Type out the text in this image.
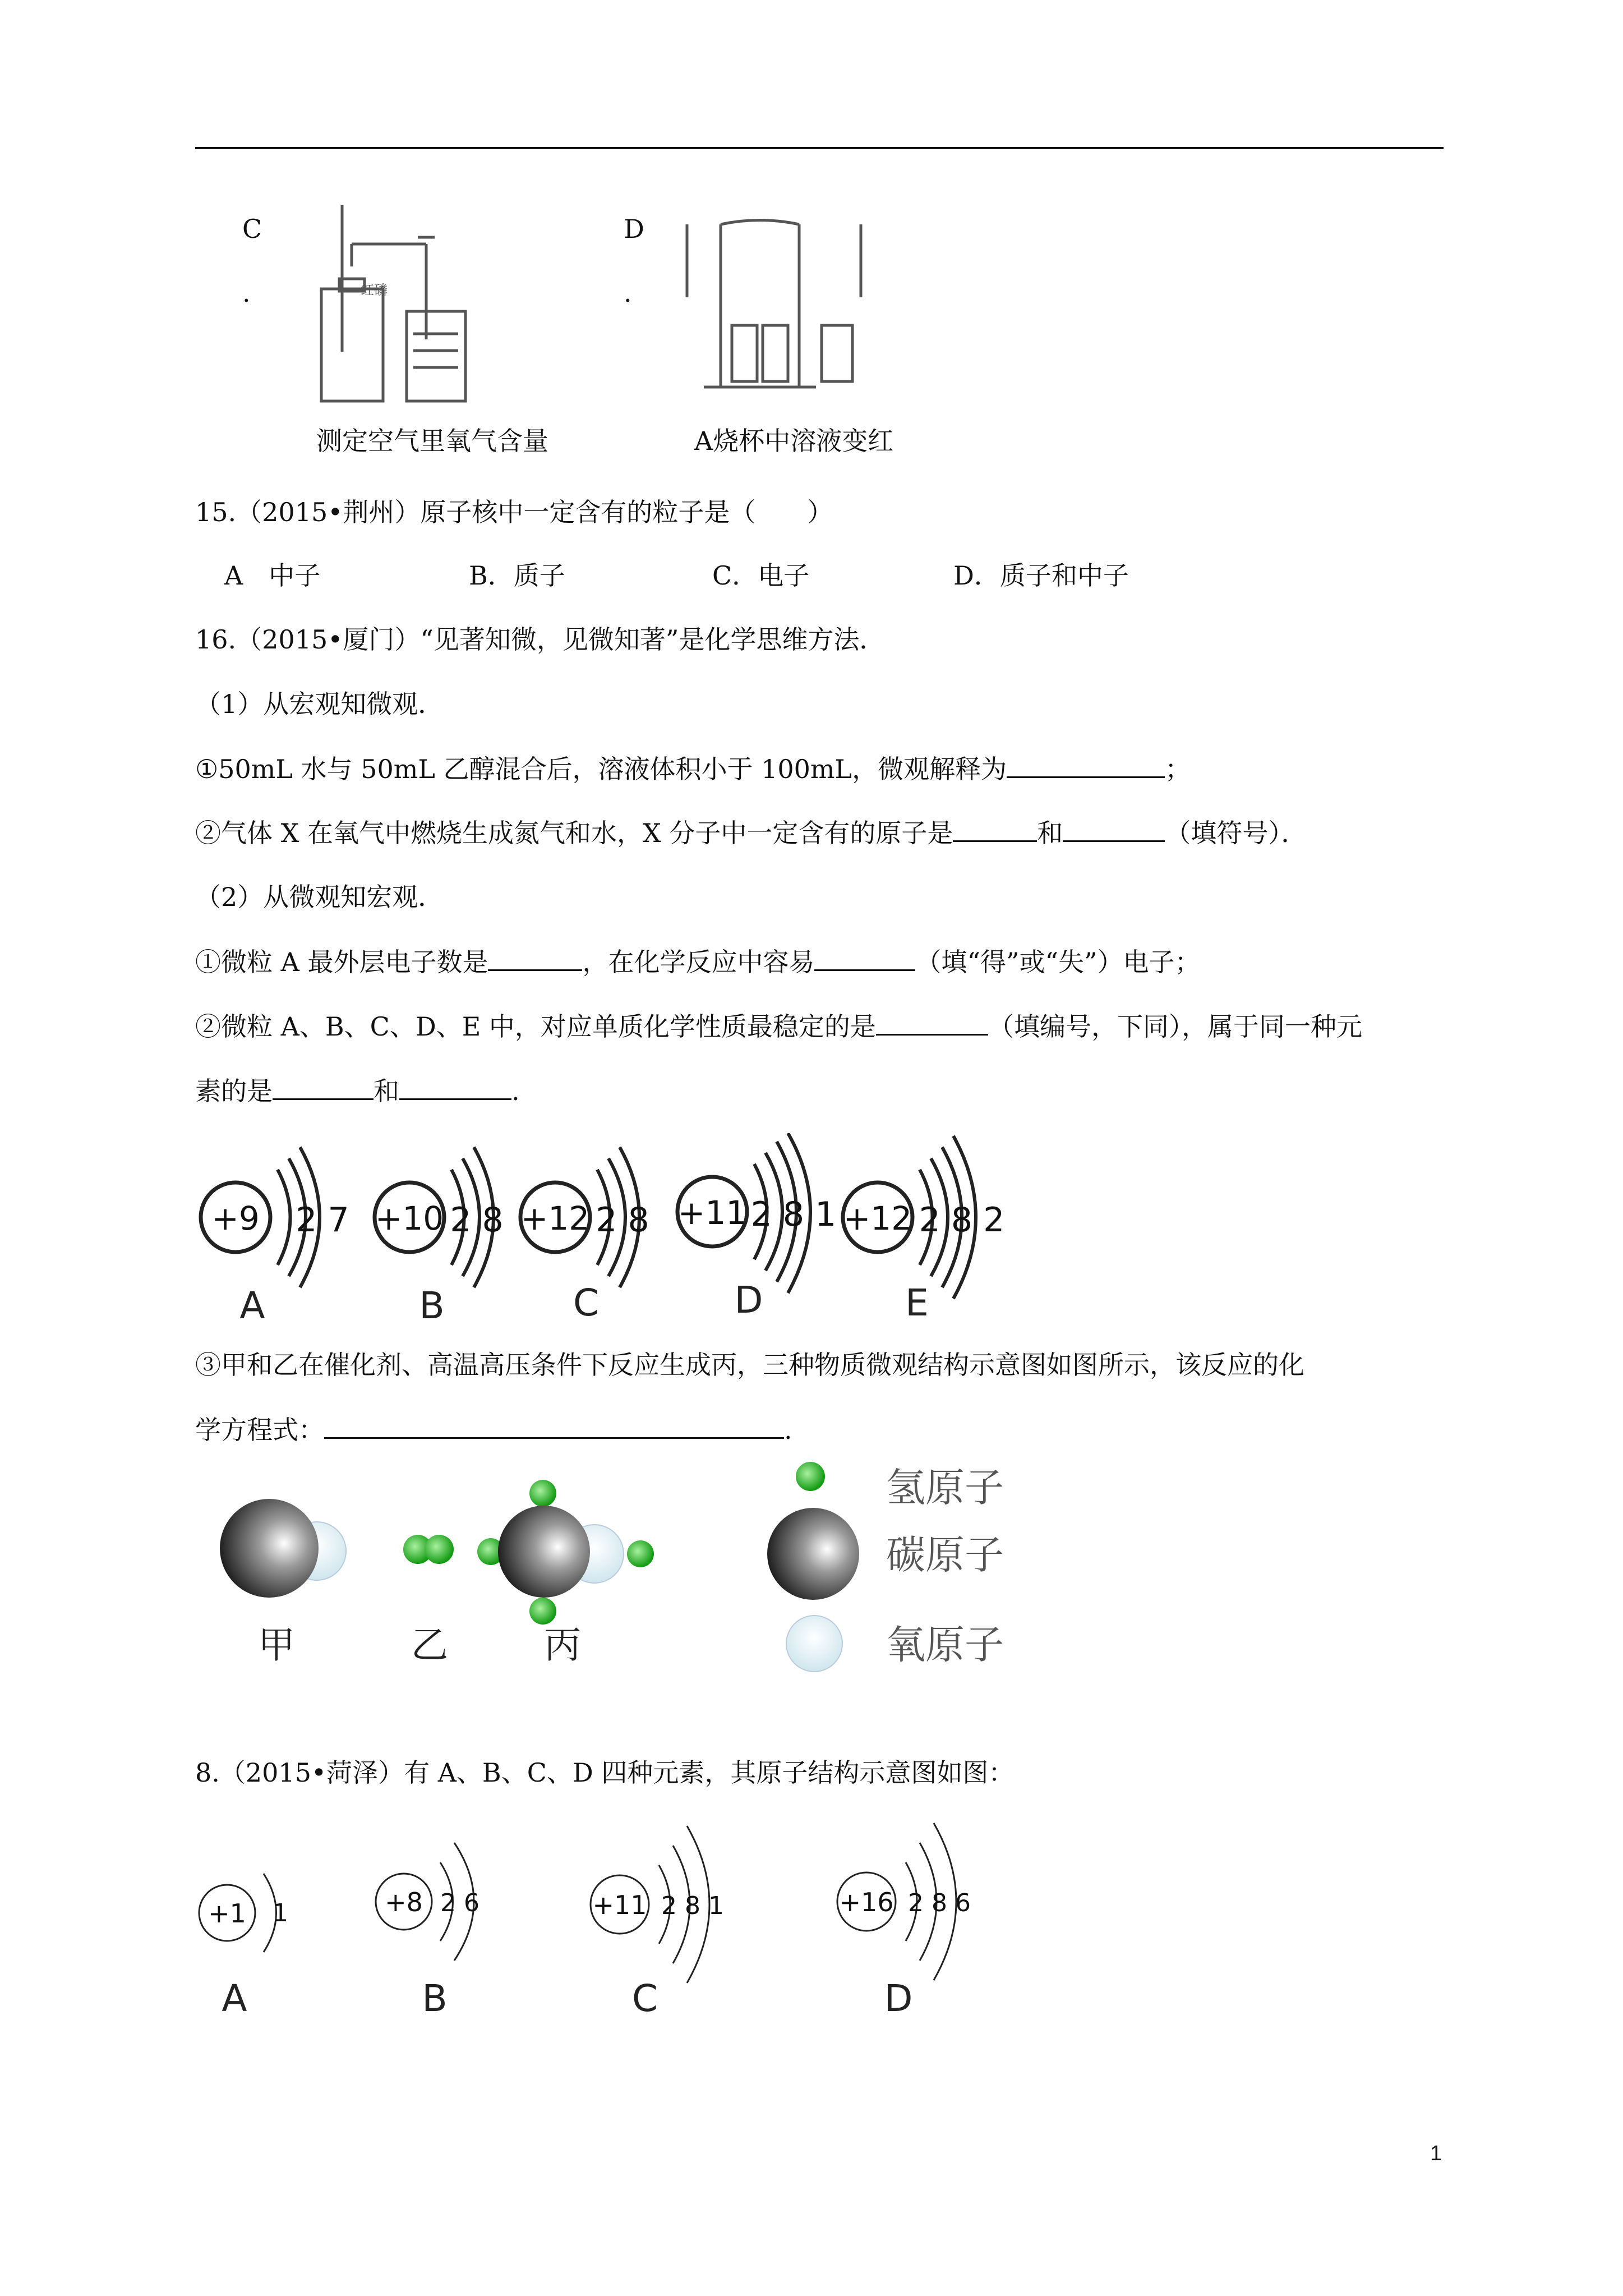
C
.	红磷
测定空气里氧气含量
D
.
A烧杯中溶液变红
15.（2015•荆州）原子核中一定含有的粒子是（　　）
A　中子	B．质子	C．电子	D．质子和中子
16.（2015•厦门）“见著知微，见微知著”是化学思维方法．
（1）从宏观知微观．
①50mL 水与 50mL 乙醇混合后，溶液体积小于 100mL，微观解释为	；
②气体 X 在氧气中燃烧生成氮气和水，X 分子中一定含有的原子是	和	（填符号）．
（2）从微观知宏观．
①微粒 A 最外层电子数是	，在化学反应中容易	（填“得”或“失”）电子；
②微粒 A、B、C、D、E 中，对应单质化学性质最稳定的是	（填编号，下同），属于同一种元
素的是	和	.
+9 2 7
A
+10 2 8
B
+12 2 8
C
+11 2 8 1
D
+12 2 8 2
E
③甲和乙在催化剂、高温高压条件下反应生成丙，三种物质微观结构示意图如图所示，该反应的化
学方程式：	.
甲	乙	丙
氢原子
碳原子
氧原子
8.（2015•菏泽）有 A、B、C、D 四种元素，其原子结构示意图如图：
+1 1
A
+8 2 6
B
+11 2 8 1
C
+16 2 8 6
D
1
